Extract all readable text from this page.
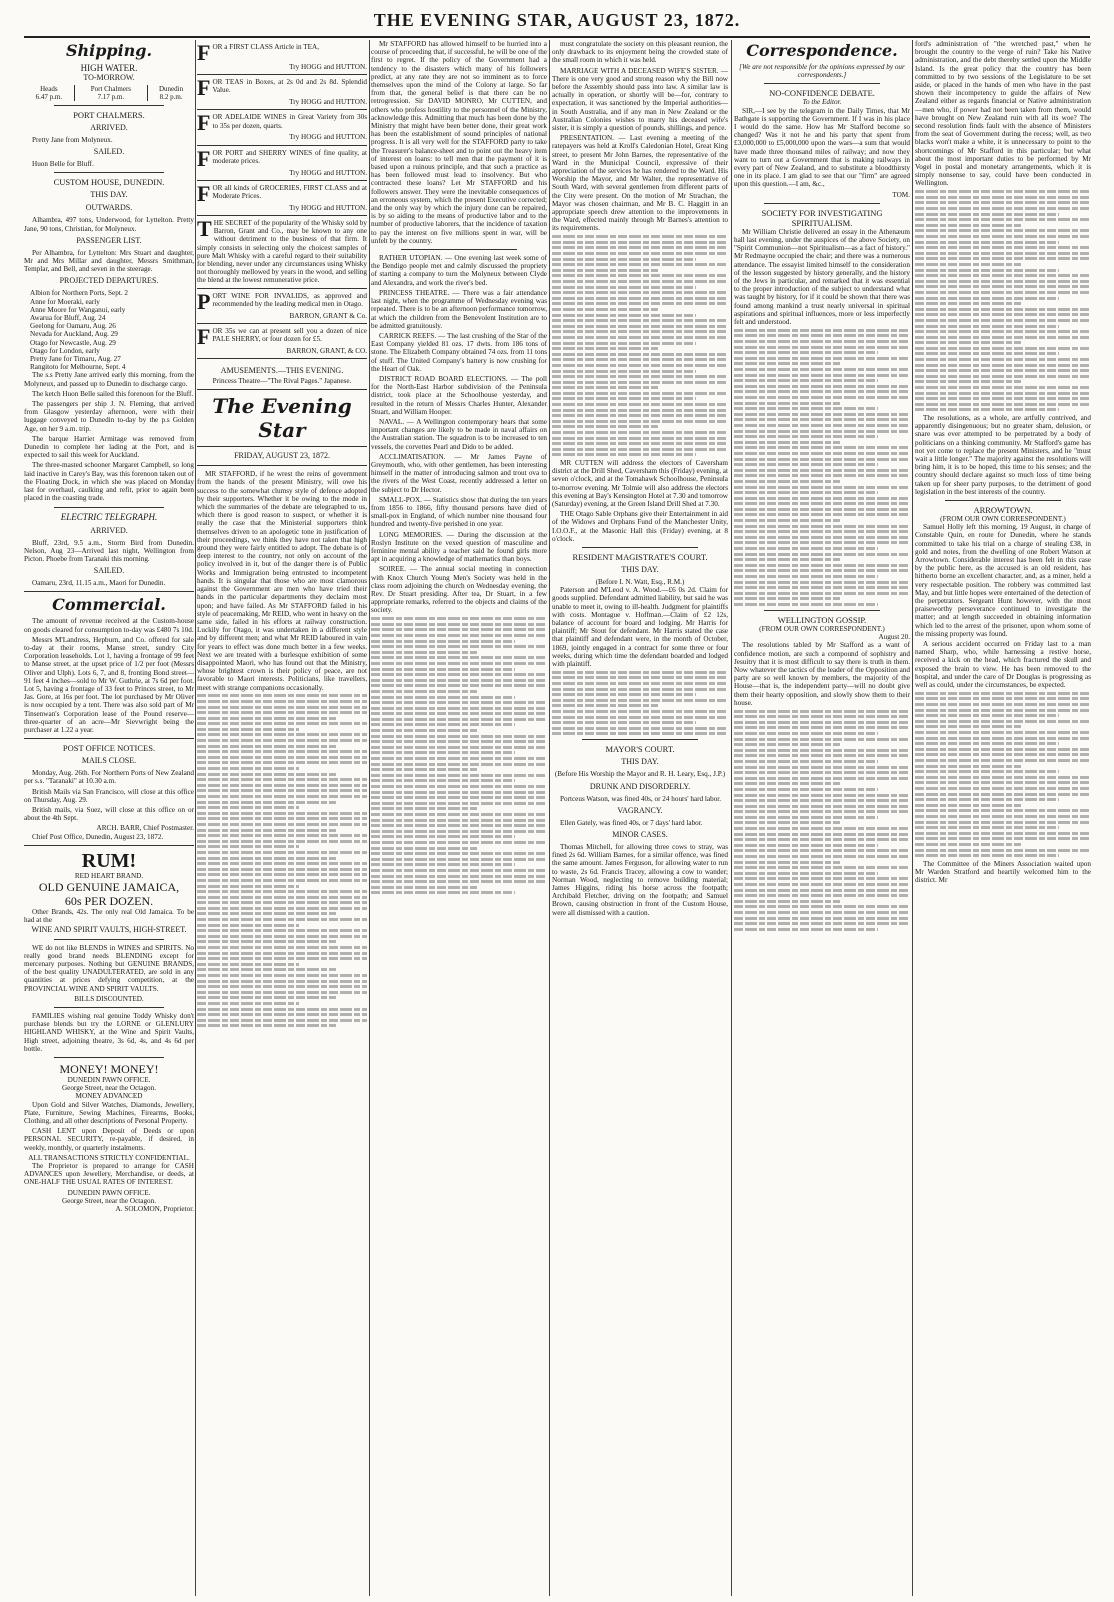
THE EVENING STAR, AUGUST 23, 1872.
Shipping.
HIGH WATER.
TO-MORROW.
Heads
6.47 p.m.

Port Chalmers
7.17 p.m.

Dunedin
8.2 p.m.
PORT CHALMERS.
ARRIVED.
Pretty Jane from Molyneux.
SAILED.
Huon Belle for Bluff.
CUSTOM HOUSE, DUNEDIN.
THIS DAY.
OUTWARDS.
Alhambra, 497 tons, Underwood, for Lyttelton. Pretty Jane, 90 tons, Christian, for Molyneux.
PASSENGER LIST.
Per Alhambra, for Lyttelton: Mrs Stuart and daughter, Mr and Mrs Millar and daughter, Messrs Smithman, Templar, and Bell, and seven in the steerage.
PROJECTED DEPARTURES.
Albion for Northern Ports, Sept. 2
Anne for Moeraki, early
Anne Moore for Wanganui, early
Awarua for Bluff, Aug. 24
Geelong for Oamaru, Aug. 26
Nevada for Auckland, Aug. 29
Otago for Newcastle, Aug. 29
Otago for London, early
Pretty Jane for Timaru, Aug. 27
Rangitoto for Melbourne, Sept. 4
The s.s Pretty Jane arrived early this morning, from the Molyneux, and passed up to Dunedin to discharge cargo.
The ketch Huon Belle sailed this forenoon for the Bluff.
The passengers per ship J. N. Fleming, that arrived from Glasgow yesterday afternoon, were with their luggage conveyed to Dunedin to-day by the p.s Golden Age, on her 9 a.m. trip.
The barque Harriet Armitage was removed from Dunedin to complete her lading at the Port, and is expected to sail this week for Auckland.
The three-masted schooner Margaret Campbell, so long laid inactive in Carey's Bay, was this forenoon taken out of the Floating Dock, in which she was placed on Monday last for overhaul, caulking and refit, prior to again been placed in the coasting trade.
ELECTRIC TELEGRAPH.
ARRIVED.
Bluff, 23rd, 9.5 a.m., Storm Bird from Dunedin. Nelson, Aug 23—Arrived last night, Wellington from Picton. Phoebe from Taranaki this morning.
SAILED.
Oamaru, 23rd, 11.15 a.m., Maori for Dunedin.
Commercial.
The amount of revenue received at the Custom-house on goods cleared for consumption to-day was £480 7s 10d.
Messrs M'Landress, Hepburn, and Co. offered for sale to-day at their rooms, Manse street, sundry City Corporation leaseholds. Lot 1, having a frontage of 99 feet to Manse street, at the upset price of 1/2 per foot (Messrs Oliver and Ulph). Lots 6, 7, and 8, fronting Bond street—91 feet 4 inches—sold to Mr W. Guthrie, at 7s 6d per foot. Lot 5, having a frontage of 33 feet to Princes street, to Mr Jas. Gore, at 16s per foot. The lot purchased by Mr Oliver is now occupied by a tent. There was also sold part of Mr Tinsenwan's Corporation lease of the Pound reserve—three-quarter of an acre—Mr Sievwright being the purchaser at 1.22 a year.
POST OFFICE NOTICES.
MAILS CLOSE.
Monday, Aug. 26th. For Northern Ports of New Zealand per s.s. "Taranaki" at 10.30 a.m.
British Mails via San Francisco, will close at this office on Thursday, Aug. 29.
British mails, via Suez, will close at this office on or about the 4th Sept.
ARCH. BARR, Chief Postmaster.
Chief Post Office, Dunedin, August 23, 1872.
RUM!
RED HEART BRAND.
OLD GENUINE JAMAICA,
60s PER DOZEN.
Other Brands, 42s. The only real Old Jamaica. To be had at the
WINE AND SPIRIT VAULTS, HIGH-STREET.
WE do not like BLENDS in WINES and SPIRITS. No really good brand needs BLENDING except for mercenary purposes. Nothing but GENUINE BRANDS, of the best quality UNADULTERATED, are sold in any quantities at prices defying competition, at the PROVINCIAL WINE AND SPIRIT VAULTS.
BILLS DISCOUNTED.
FAMILIES wishing real genuine Toddy Whisky don't purchase blends but try the LORNE or GLENLURY HIGHLAND WHISKY, at the Wine and Spirit Vaults, High street, adjoining theatre, 3s 6d, 4s, and 4s 6d per bottle.
MONEY! MONEY!
DUNEDIN PAWN OFFICE.
George Street, near the Octagon.
MONEY ADVANCED
Upon Gold and Silver Watches, Diamonds, Jewellery, Plate, Furniture, Sewing Machines, Firearms, Books, Clothing, and all other descriptions of Personal Property.
CASH LENT upon Deposit of Deeds or upon PERSONAL SECURITY, re-payable, if desired, in weekly, monthly, or quarterly instalments.
ALL TRANSACTIONS STRICTLY CONFIDENTIAL.
The Proprietor is prepared to arrange for CASH ADVANCES upon Jewellery, Merchandise, or deeds, at ONE-HALF THE USUAL RATES OF INTEREST.
DUNEDIN PAWN OFFICE.
George Street, near the Octagon.
A. SOLOMON, Proprietor.
FOR a FIRST CLASS Article in TEA,
Try HOGG and HUTTON.
FOR TEAS in Boxes, at 2s 0d and 2s 8d. Splendid Value.
Try HOGG and HUTTON.
FOR ADELAIDE WINES in Great Variety from 30s to 35s per dozen, quarts.
Try HOGG and HUTTON.
FOR PORT and SHERRY WINES of fine quality, at moderate prices.
Try HOGG and HUTTON.
FOR all kinds of GROCERIES, FIRST CLASS and at Moderate Prices.
Try HOGG and HUTTON.
THE SECRET of the popularity of the Whisky sold by Barron, Grant and Co., may be known to any one without detriment to the business of that firm. It simply consists in selecting only the choicest samples of pure Malt Whisky with a careful regard to their suitability for blending, never under any circumstances using Whisky not thoroughly mellowed by years in the wood, and selling the blend at the lowest remunerative price.
PORT WINE FOR INVALIDS, as approved and recommended by the leading medical men in Otago.
BARRON, GRANT & Co.
FOR 35s we can at present sell you a dozen of nice PALE SHERRY, or four dozen for £5.
BARRON, GRANT, & CO.
AMUSEMENTS.—THIS EVENING.
Princess Theatre—"The Rival Pages." Japanese.
The Evening Star
FRIDAY, AUGUST 23, 1872.
MR STAFFORD, if he wrest the reins of government from the hands of the present Ministry, will owe his success to the somewhat clumsy style of defence adopted by their supporters. Whether it be owing to the mode in which the summaries of the debate are telegraphed to us, which there is good reason to suspect, or whether it is really the case that the Ministerial supporters think themselves driven to an apologetic tone in justification of their proceedings, we think they have not taken that high ground they were fairly entitled to adopt. The debate is of deep interest to the country, not only on account of the policy involved in it, but of the danger there is of Public Works and Immigration being entrusted to incompetent hands. It is singular that those who are most clamorous against the Government are men who have tried their hands in the particular departments they declaim most upon; and have failed. As Mr STAFFORD failed in his style of peacemaking, Mr REID, who went in heavy on the same side, failed in his efforts at railway construction. Luckily for Otago, it was undertaken in a different style and by different men; and what Mr REID laboured in vain for years to effect was done much better in a few weeks. Next we are treated with a burlesque exhibition of some disappointed Maori, who has found out that the Ministry, whose brightest crown is their policy of peace, are not favorable to Maori interests. Politicians, like travellers, meet with strange companions occasionally.
Mr STAFFORD has allowed himself to be hurried into a course of proceeding that, if successful, he will be one of the first to regret. If the policy of the Government had a tendency to the disasters which many of his followers predict, at any rate they are not so imminent as to force themselves upon the mind of the Colony at large. So far from that, the general belief is that there can be no retrogression. Sir DAVID MONRO, Mr CUTTEN, and others who profess hostility to the personnel of the Ministry, acknowledge this. Admitting that much has been done by the Ministry that might have been better done, their great work has been the establishment of sound principles of national progress. It is all very well for the STAFFORD party to take the Treasurer's balance-sheet and to point out the heavy item of interest on loans: to tell men that the payment of it is based upon a ruinous principle, and that such a practice as has been followed must lead to insolvency. But who contracted these loans? Let Mr STAFFORD and his followers answer. They were the inevitable consequences of an erroneous system, which the present Executive corrected; and the only way by which the injury done can be repaired, is by so aiding to the means of productive labor and to the number of productive laborers, that the incidence of taxation to pay the interest on five millions spent in war, will be unfelt by the country.
RATHER UTOPIAN. — One evening last week some of the Bendigo people met and calmly discussed the propriety of starting a company to turn the Molyneux between Clyde and Alexandra, and work the river's bed.
PRINCESS THEATRE. — There was a fair attendance last night, when the programme of Wednesday evening was repeated. There is to be an afternoon performance tomorrow, at which the children from the Benevolent Institution are to be admitted gratuitously.
CARRICK REEFS. — The last crushing of the Star of the East Company yielded 81 ozs. 17 dwts. from 186 tons of stone. The Elizabeth Company obtained 74 ozs. from 11 tons of stuff. The United Company's battery is now crushing for the Heart of Oak.
DISTRICT ROAD BOARD ELECTIONS. — The poll for the North-East Harbor subdivision of the Peninsula district, took place at the Schoolhouse yesterday, and resulted in the return of Messrs Charles Hunter, Alexander Stuart, and William Hooper.
NAVAL. — A Wellington contemporary hears that some important changes are likely to be made in naval affairs on the Australian station. The squadron is to be increased to ten vessels, the corvettes Pearl and Dido to be added.
ACCLIMATISATION. — Mr James Payne of Greymouth, who, with other gentlemen, has been interesting himself in the matter of introducing salmon and trout ova to the rivers of the West Coast, recently addressed a letter on the subject to Dr Hector.
SMALL-POX. — Statistics show that during the ten years from 1856 to 1866, fifty thousand persons have died of small-pox in England, of which number nine thousand four hundred and twenty-five perished in one year.
LONG MEMORIES. — During the discussion at the Roslyn Institute on the vexed question of masculine and feminine mental ability a teacher said he found girls more apt in acquiring a knowledge of mathematics than boys.
SOIREE. — The annual social meeting in connection with Knox Church Young Men's Society was held in the class room adjoining the church on Wednesday evening, the Rev. Dr Stuart presiding. After tea, Dr Stuart, in a few appropriate remarks, referred to the objects and claims of the society.
must congratulate the society on this pleasant reunion, the only drawback to its enjoyment being the crowded state of the small room in which it was held.
MARRIAGE WITH A DECEASED WIFE'S SISTER. — There is one very good and strong reason why the Bill now before the Assembly should pass into law. A similar law is actually in operation, or shortly will be—for, contrary to expectation, it was sanctioned by the Imperial authorities—in South Australia, and if any man in New Zealand or the Australian Colonies wishes to marry his deceased wife's sister, it is simply a question of pounds, shillings, and pence.
PRESENTATION. — Last evening a meeting of the ratepayers was held at Kroll's Caledonian Hotel, Great King street, to present Mr John Barnes, the representative of the Ward in the Municipal Council, expressive of their appreciation of the services he has rendered to the Ward. His Worship the Mayor, and Mr Walter, the representative of South Ward, with several gentlemen from different parts of the City were present. On the motion of Mr Strachan, the Mayor was chosen chairman, and Mr B. C. Haggitt in an appropriate speech drew attention to the improvements in the Ward, effected mainly through Mr Barnes's attention to its requirements.
MR CUTTEN will address the electors of Caversham district at the Drill Shed, Caversham this (Friday) evening, at seven o'clock, and at the Tomahawk Schoolhouse, Peninsula to-morrow evening. Mr Tolmie will also address the electors this evening at Bay's Kensington Hotel at 7.30 and tomorrow (Saturday) evening, at the Green Island Drill Shed at 7.30.
THE Otago Sable Orphans give their Entertainment in aid of the Widows and Orphans Fund of the Manchester Unity, I.O.O.F., at the Masonic Hall this (Friday) evening, at 8 o'clock.
RESIDENT MAGISTRATE'S COURT.
THIS DAY.
(Before I. N. Watt, Esq., R.M.)
Paterson and M'Leod v. A. Wood.—£6 0s 2d. Claim for goods supplied. Defendant admitted liability, but said he was unable to meet it, owing to ill-health. Judgment for plaintiffs with costs. Montague v. Hoffman.—Claim of £2 12s, balance of account for board and lodging. Mr Harris for plaintiff; Mr Stout for defendant. Mr Harris stated the case that plaintiff and defendant were, in the month of October, 1869, jointly engaged in a contract for some three or four weeks, during which time the defendant boarded and lodged with plaintiff.
MAYOR'S COURT.
THIS DAY.
(Before His Worship the Mayor and R. H. Leary, Esq., J.P.)
DRUNK AND DISORDERLY.
Portceus Watson, was fined 40s, or 24 hours' hard labor.
VAGRANCY.
Ellen Gately, was fined 40s, or 7 days' hard labor.
MINOR CASES.
Thomas Mitchell, for allowing three cows to stray, was fined 2s 6d. William Barnes, for a similar offence, was fined the same amount. James Ferguson, for allowing water to run to waste, 2s 6d. Francis Tracey, allowing a cow to wander; Norman Wood, neglecting to remove building material; James Higgins, riding his horse across the footpath; Archibald Fletcher, driving on the footpath; and Samuel Brown, causing obstruction in front of the Custom House, were all dismissed with a caution.
Correspondence.
[We are not responsible for the opinions expressed by our correspondents.]
NO-CONFIDENCE DEBATE.
To the Editor.
SIR,—I see by the telegram in the Daily Times, that Mr Bathgate is supporting the Government. If I was in his place I would do the same. How has Mr Stafford become so changed? Was it not he and his party that spent from £3,000,000 to £5,000,000 upon the wars—a sum that would have made three thousand miles of railway; and now they want to turn out a Government that is making railways in every part of New Zealand, and to substitute a bloodthirsty one in its place. I am glad to see that our "firm" are agreed upon this question.—I am, &c.,
TOM.
SOCIETY FOR INVESTIGATING SPIRITUALISM.
Mr William Christie delivered an essay in the Athenæum hall last evening, under the auspices of the above Society, on "Spirit Communion—not Spiritualism—as a fact of history." Mr Redmayne occupied the chair; and there was a numerous attendance. The essayist limited himself to the consideration of the lesson suggested by history generally, and the history of the Jews in particular, and remarked that it was essential to the proper introduction of the subject to understand what was taught by history, for if it could be shown that there was found among mankind a trust nearly universal in spiritual aspirations and spiritual influences, more or less imperfectly felt and understood.
WELLINGTON GOSSIP.
(FROM OUR OWN CORRESPONDENT.)
August 20.
The resolutions tabled by Mr Stafford as a want of confidence motion, are such a compound of sophistry and Jesuitry that it is most difficult to say there is truth in them. Now whatever the tactics of the leader of the Opposition and party are so well known by members, the majority of the House—that is, the independent party—will no doubt give them their hearty opposition, and slowly show them to their house.
ford's administration of "the wretched past," when he brought the country to the verge of ruin? Take his Native administration, and the debt thereby settled upon the Middle Island. Is the great policy that the country has been committed to by two sessions of the Legislature to be set aside, or placed in the hands of men who have in the past shown their incompetency to guide the affairs of New Zealand either as regards financial or Native administration—men who, if power had not been taken from them, would have brought on New Zealand ruin with all its woe? The second resolution finds fault with the absence of Ministers from the seat of Government during the recess; well, as two blacks won't make a white, it is unnecessary to point to the shortcomings of Mr Stafford in this particular; but what about the most important duties to be performed by Mr Vogel in postal and monetary arrangements, which it is simply nonsense to say, could have been conducted in Wellington.
The resolutions, as a whole, are artfully contrived, and apparently disingenuous; but no greater sham, delusion, or snare was ever attempted to be perpetrated by a body of politicians on a thinking community. Mr Stafford's game has not yet come to replace the present Ministers, and he "must wait a little longer." The majority against the resolutions will bring him, it is to be hoped, this time to his senses; and the country should declare against so much loss of time being taken up for sheer party purposes, to the detriment of good legislation in the best interests of the country.
ARROWTOWN.
(FROM OUR OWN CORRESPONDENT.)
Samuel Holly left this morning, 19 August, in charge of Constable Quin, en route for Dunedin, where he stands committed to take his trial on a charge of stealing £38, in gold and notes, from the dwelling of one Robert Watson at Arrowtown. Considerable interest has been felt in this case by the public here, as the accused is an old resident, has hitherto borne an excellent character, and, as a miner, held a very respectable position. The robbery was committed last May, and but little hopes were entertained of the detection of the perpetrators. Sergeant Hunt however, with the most praiseworthy perseverance continued to investigate the matter; and at length succeeded in obtaining information which led to the arrest of the prisoner, upon whom some of the missing property was found.
A serious accident occurred on Friday last to a man named Sharp, who, while harnessing a restive horse, received a kick on the head, which fractured the skull and exposed the brain to view. He has been removed to the hospital, and under the care of Dr Douglas is progressing as well as could, under the circumstances, be expected.
The Committee of the Miners Association waited upon Mr Warden Stratford and heartily welcomed him to the district. Mr
